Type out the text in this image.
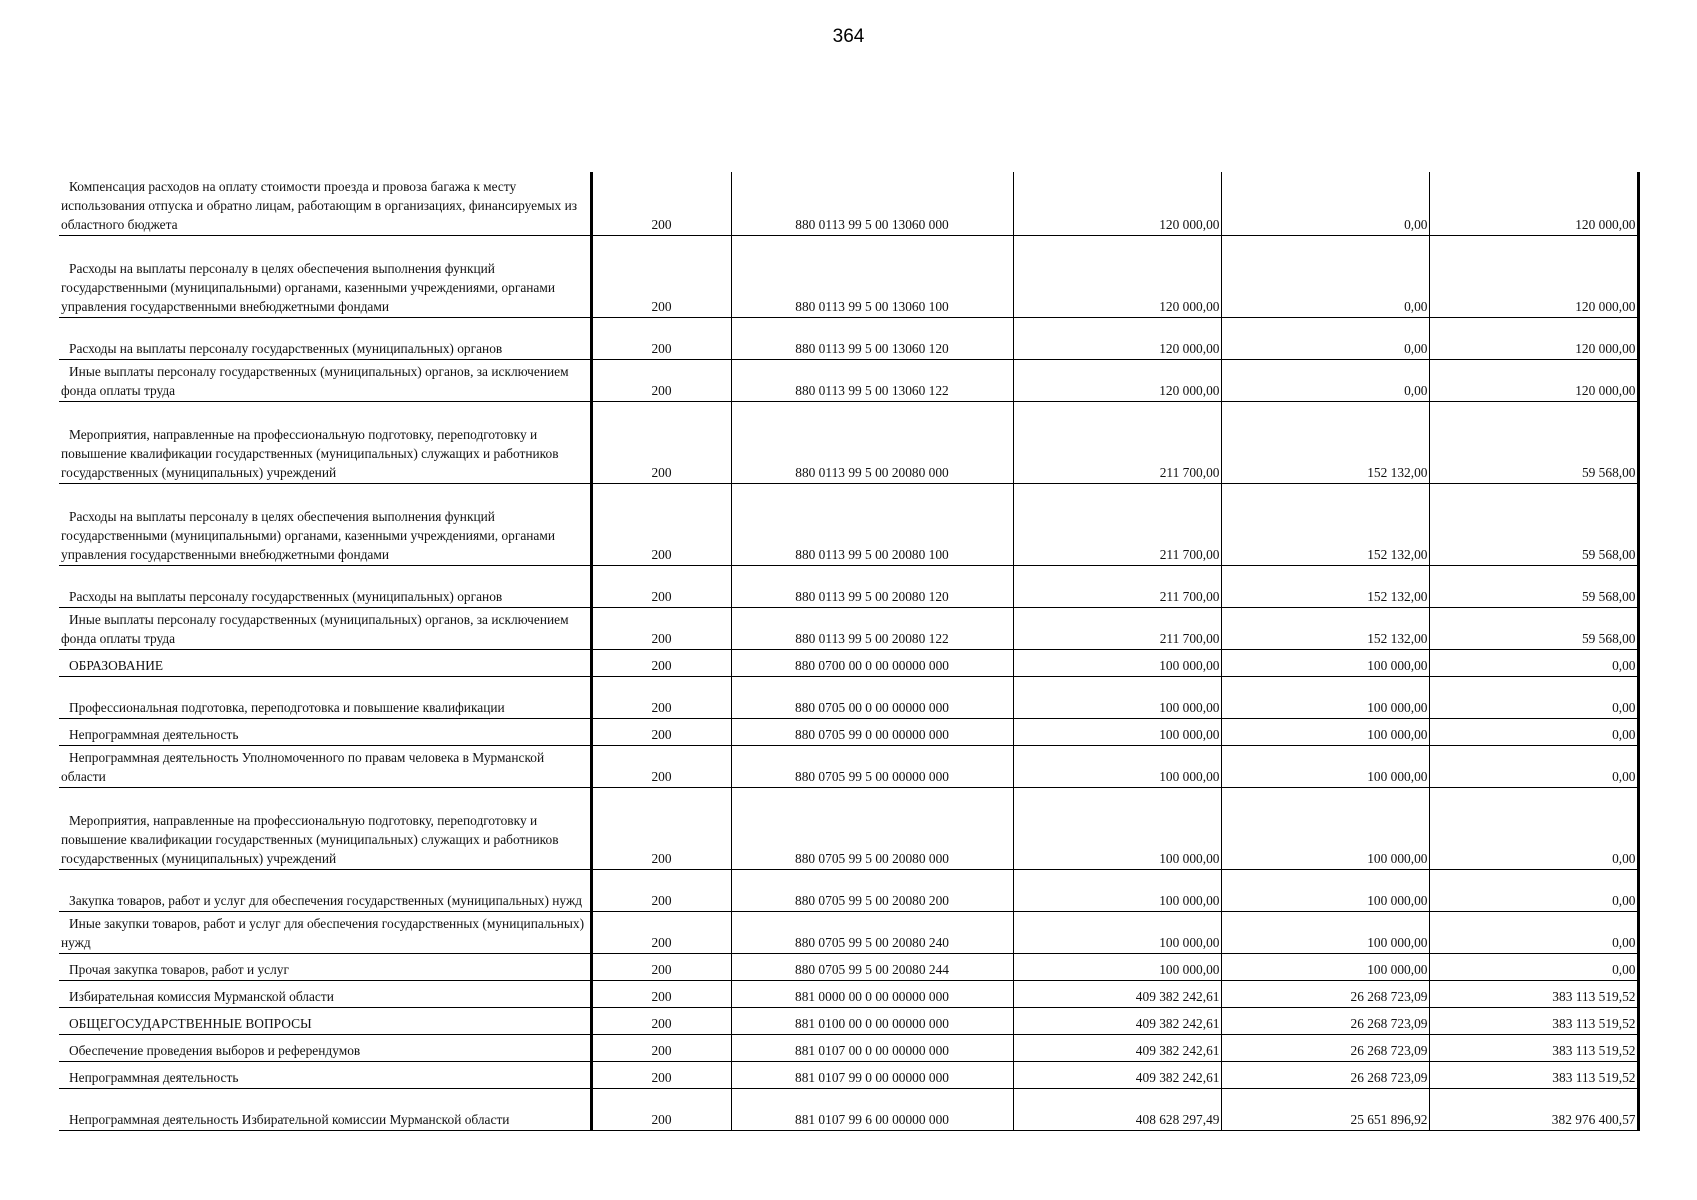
364
Компенсация расходов на оплату стоимости проезда и провоза багажа к месту использования отпуска и обратно лицам, работающим в организациях, финансируемых из областного бюджета	200	880 0113 99 5 00 13060 000	120 000,00	0,00	120 000,00

Расходы на выплаты персоналу в целях обеспечения выполнения функций государственными (муниципальными) органами, казенными учреждениями, органами управления государственными внебюджетными фондами	200	880 0113 99 5 00 13060 100	120 000,00	0,00	120 000,00

Расходы на выплаты персоналу государственных (муниципальных) органов	200	880 0113 99 5 00 13060 120	120 000,00	0,00	120 000,00

Иные выплаты персоналу государственных (муниципальных) органов, за исключением фонда оплаты труда	200	880 0113 99 5 00 13060 122	120 000,00	0,00	120 000,00

Мероприятия, направленные на профессиональную подготовку, переподготовку и повышение квалификации государственных (муниципальных) служащих и работников государственных (муниципальных) учреждений	200	880 0113 99 5 00 20080 000	211 700,00	152 132,00	59 568,00

Расходы на выплаты персоналу в целях обеспечения выполнения функций государственными (муниципальными) органами, казенными учреждениями, органами управления государственными внебюджетными фондами	200	880 0113 99 5 00 20080 100	211 700,00	152 132,00	59 568,00

Расходы на выплаты персоналу государственных (муниципальных) органов	200	880 0113 99 5 00 20080 120	211 700,00	152 132,00	59 568,00

Иные выплаты персоналу государственных (муниципальных) органов, за исключением фонда оплаты труда	200	880 0113 99 5 00 20080 122	211 700,00	152 132,00	59 568,00

ОБРАЗОВАНИЕ	200	880 0700 00 0 00 00000 000	100 000,00	100 000,00	0,00

Профессиональная подготовка, переподготовка и повышение квалификации	200	880 0705 00 0 00 00000 000	100 000,00	100 000,00	0,00

Непрограммная деятельность	200	880 0705 99 0 00 00000 000	100 000,00	100 000,00	0,00

Непрограммная деятельность Уполномоченного по правам человека в Мурманской области	200	880 0705 99 5 00 00000 000	100 000,00	100 000,00	0,00

Мероприятия, направленные на профессиональную подготовку, переподготовку и повышение квалификации государственных (муниципальных) служащих и работников государственных (муниципальных) учреждений	200	880 0705 99 5 00 20080 000	100 000,00	100 000,00	0,00

Закупка товаров, работ и услуг для обеспечения государственных (муниципальных) нужд	200	880 0705 99 5 00 20080 200	100 000,00	100 000,00	0,00

Иные закупки товаров, работ и услуг для обеспечения государственных (муниципальных) нужд	200	880 0705 99 5 00 20080 240	100 000,00	100 000,00	0,00

Прочая закупка товаров, работ и услуг	200	880 0705 99 5 00 20080 244	100 000,00	100 000,00	0,00

Избирательная комиссия Мурманской области	200	881 0000 00 0 00 00000 000	409 382 242,61	26 268 723,09	383 113 519,52

ОБЩЕГОСУДАРСТВЕННЫЕ ВОПРОСЫ	200	881 0100 00 0 00 00000 000	409 382 242,61	26 268 723,09	383 113 519,52

Обеспечение проведения выборов и референдумов	200	881 0107 00 0 00 00000 000	409 382 242,61	26 268 723,09	383 113 519,52

Непрограммная деятельность	200	881 0107 99 0 00 00000 000	409 382 242,61	26 268 723,09	383 113 519,52

Непрограммная деятельность Избирательной комиссии Мурманской области	200	881 0107 99 6 00 00000 000	408 628 297,49	25 651 896,92	382 976 400,57
